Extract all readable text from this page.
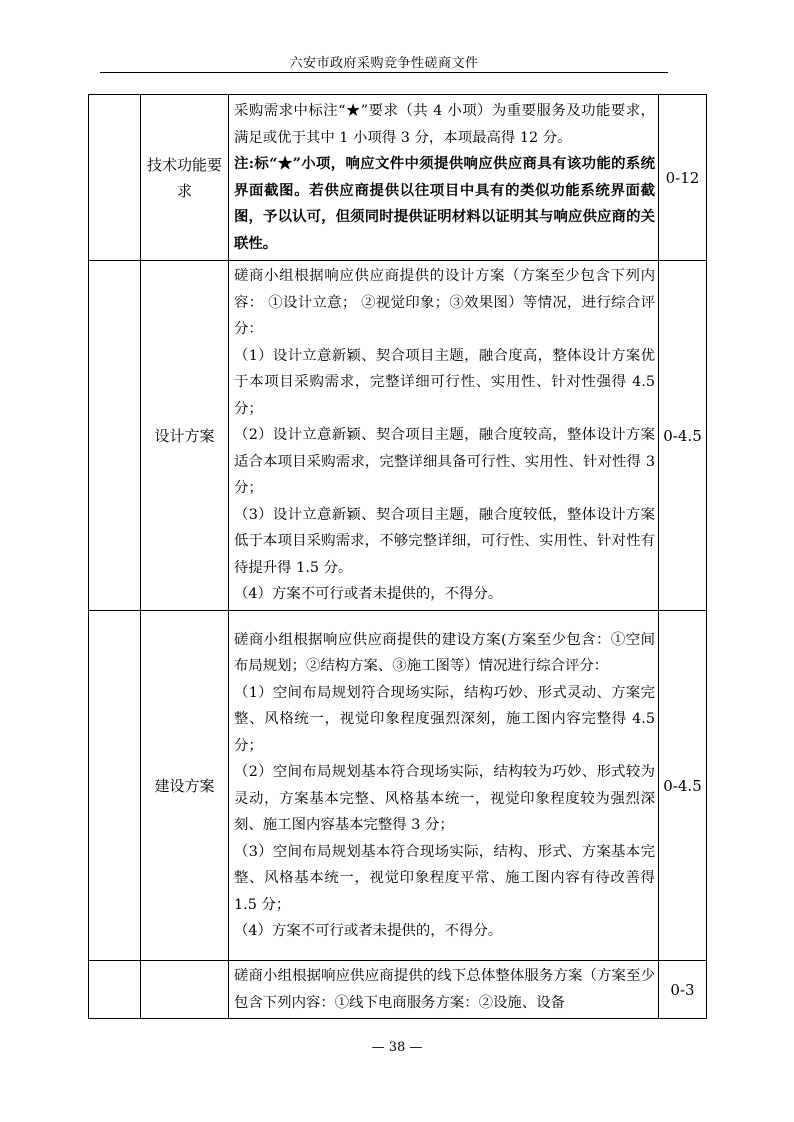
六安市政府采购竞争性磋商文件
	技术功能要求	采购需求中标注“★”要求（共 4 小项）为重要服务及功能要求，满足或优于其中 1 小项得 3 分，本项最高得 12 分。

注:标“★”小项，响应文件中须提供响应供应商具有该功能的系统界面截图。若供应商提供以往项目中具有的类似功能系统界面截图，予以认可，但须同时提供证明材料以证明其与响应供应商的关联性。	0-12
	设计方案	磋商小组根据响应供应商提供的设计方案（方案至少包含下列内容： ①设计立意； ②视觉印象；③效果图）等情况，进行综合评分：

（1）设计立意新颖、契合项目主题，融合度高，整体设计方案优于本项目采购需求，完整详细可行性、实用性、针对性强得 4.5 分；

（2）设计立意新颖、契合项目主题，融合度较高，整体设计方案适合本项目采购需求，完整详细具备可行性、实用性、针对性得 3 分；

（3）设计立意新颖、契合项目主题，融合度较低，整体设计方案低于本项目采购需求，不够完整详细，可行性、实用性、针对性有待提升得 1.5 分。

（4）方案不可行或者未提供的，不得分。	0-4.5
	建设方案	磋商小组根据响应供应商提供的建设方案(方案至少包含：①空间布局规划；②结构方案、③施工图等）情况进行综合评分：

（1）空间布局规划符合现场实际，结构巧妙、形式灵动、方案完整、风格统一，视觉印象程度强烈深刻，施工图内容完整得 4.5 分；

（2）空间布局规划基本符合现场实际，结构较为巧妙、形式较为灵动，方案基本完整、风格基本统一，视觉印象程度较为强烈深刻、施工图内容基本完整得 3 分；

（3）空间布局规划基本符合现场实际，结构、形式、方案基本完整、风格基本统一，视觉印象程度平常、施工图内容有待改善得 1.5 分；

（4）方案不可行或者未提供的，不得分。	0-4.5

		磋商小组根据响应供应商提供的线下总体整体服务方案（方案至少包含下列内容：①线下电商服务方案：②设施、设备	0-3
— 38 —
